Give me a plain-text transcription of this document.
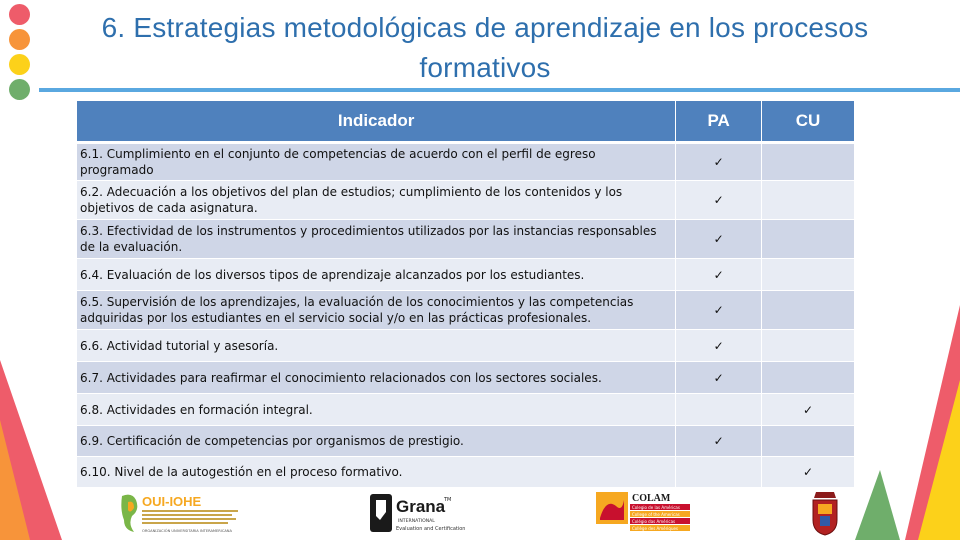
6. Estrategias metodológicas de aprendizaje en los procesos formativos
Indicador	PA	CU
6.1. Cumplimiento en el conjunto de competencias de acuerdo con el perfil de egreso programado	✓	
6.2. Adecuación a los objetivos del plan de estudios; cumplimiento de los contenidos y los objetivos de cada asignatura.	✓	
6.3. Efectividad de los instrumentos y procedimientos utilizados por las instancias responsables de la evaluación.	✓	
6.4. Evaluación de los diversos tipos de aprendizaje alcanzados por los estudiantes.	✓	
6.5. Supervisión de los aprendizajes, la evaluación de los conocimientos y las competencias adquiridas por los estudiantes en el servicio social y/o en las prácticas profesionales.	✓	
6.6. Actividad tutorial y asesoría.	✓	
6.7. Actividades para reafirmar el conocimiento relacionados con los sectores sociales.	✓	
6.8. Actividades en formación integral.		✓
6.9. Certificación de competencias por organismos de prestigio.	✓	
6.10. Nivel de la autogestión en el proceso formativo.		✓
OUI-IOHE
ORGANIZACIÓN UNIVERSITARIA INTERAMERICANA
Grana
TM
INTERNATIONAL
Evaluation and Certification
COLAM
Colegio de las Américas
College of the Americas
Colégio das Américas
Collège des Amériques
